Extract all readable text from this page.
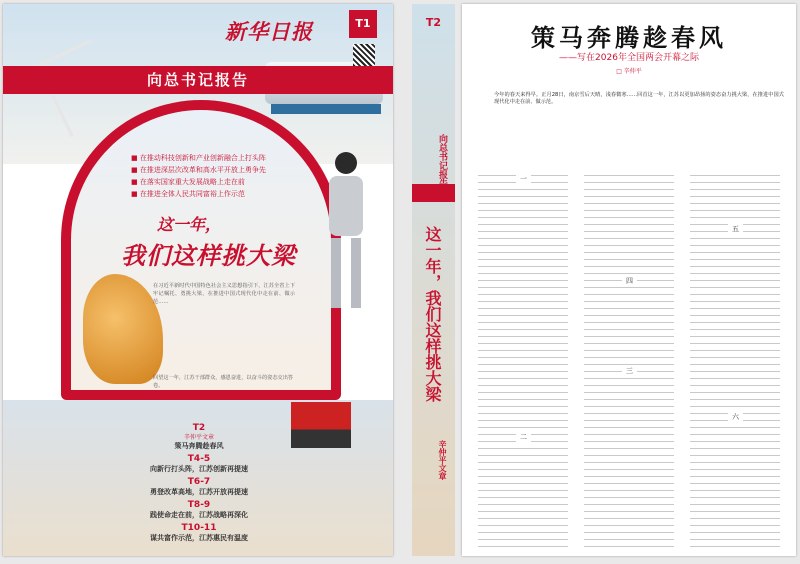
新华日报	T1
向总书记报告
■ 在推动科技创新和产业创新融合上打头阵
■ 在推进深层次改革和高水平开放上勇争先
■ 在落实国家重大发展战略上走在前
■ 在推进全体人民共同富裕上作示范
这一年，
我们这样挑大梁
在习近平新时代中国特色社会主义思想指引下，江苏全省上下牢记嘱托、勇挑大梁，在推进中国式现代化中走在前、做示范……
回望这一年，江苏干部群众，感恩奋进，以奋斗的姿态交出答卷。
T2
辛仲平文章
策马奔腾趁春风
T4-5
向新行打头阵，江苏创新再提速
T6-7
勇登改革高地，江苏开放再提速
T8-9
践使命走在前，江苏战略再深化
T10-11
谋共富作示范，江苏惠民有温度
T2
向总书记报告
这一年，我们这样挑大梁
辛仲平文章
策马奔腾趁春风
——写在2026年全国两会开幕之际
□ 辛仲平
今年的春天来得早。正月28日，南京雪后天晴，浅春微寒……回首这一年，江苏以更加昂扬的姿态奋力挑大梁，在推进中国式现代化中走在前、做示范。
一
二
三
四
五
六
